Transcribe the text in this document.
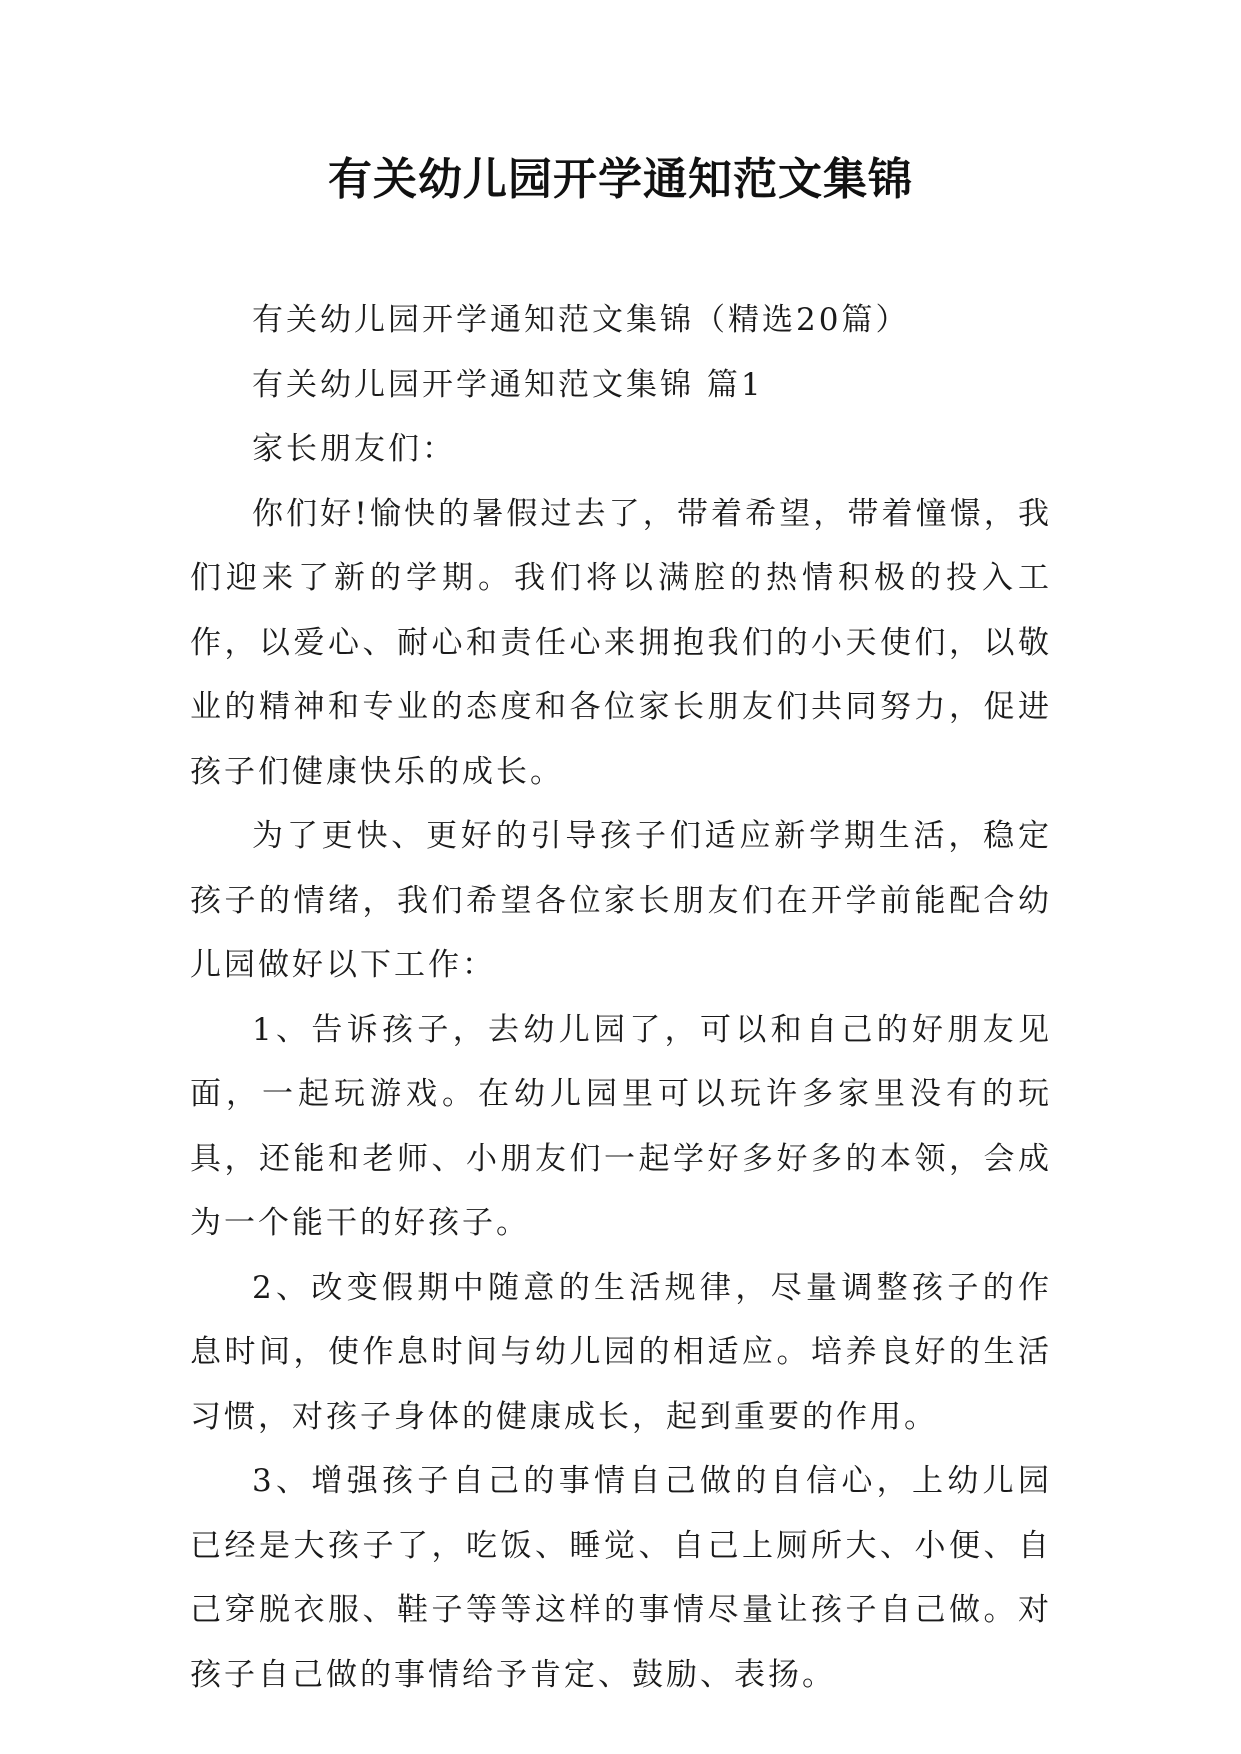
有关幼儿园开学通知范文集锦

有关幼儿园开学通知范文集锦（精选20篇）

有关幼儿园开学通知范文集锦 篇1

家长朋友们：

你们好!愉快的暑假过去了，带着希望，带着憧憬，我们迎来了新的学期。我们将以满腔的热情积极的投入工作，以爱心、耐心和责任心来拥抱我们的小天使们，以敬业的精神和专业的态度和各位家长朋友们共同努力，促进孩子们健康快乐的成长。

为了更快、更好的引导孩子们适应新学期生活，稳定孩子的情绪，我们希望各位家长朋友们在开学前能配合幼儿园做好以下工作：

1、告诉孩子，去幼儿园了，可以和自己的好朋友见面，一起玩游戏。在幼儿园里可以玩许多家里没有的玩具，还能和老师、小朋友们一起学好多好多的本领，会成为一个能干的好孩子。

2、改变假期中随意的生活规律，尽量调整孩子的作息时间，使作息时间与幼儿园的相适应。培养良好的生活习惯，对孩子身体的健康成长，起到重要的作用。

3、增强孩子自己的事情自己做的自信心，上幼儿园已经是大孩子了，吃饭、睡觉、自己上厕所大、小便、自己穿脱衣服、鞋子等等这样的事情尽量让孩子自己做。对孩子自己做的事情给予肯定、鼓励、表扬。
